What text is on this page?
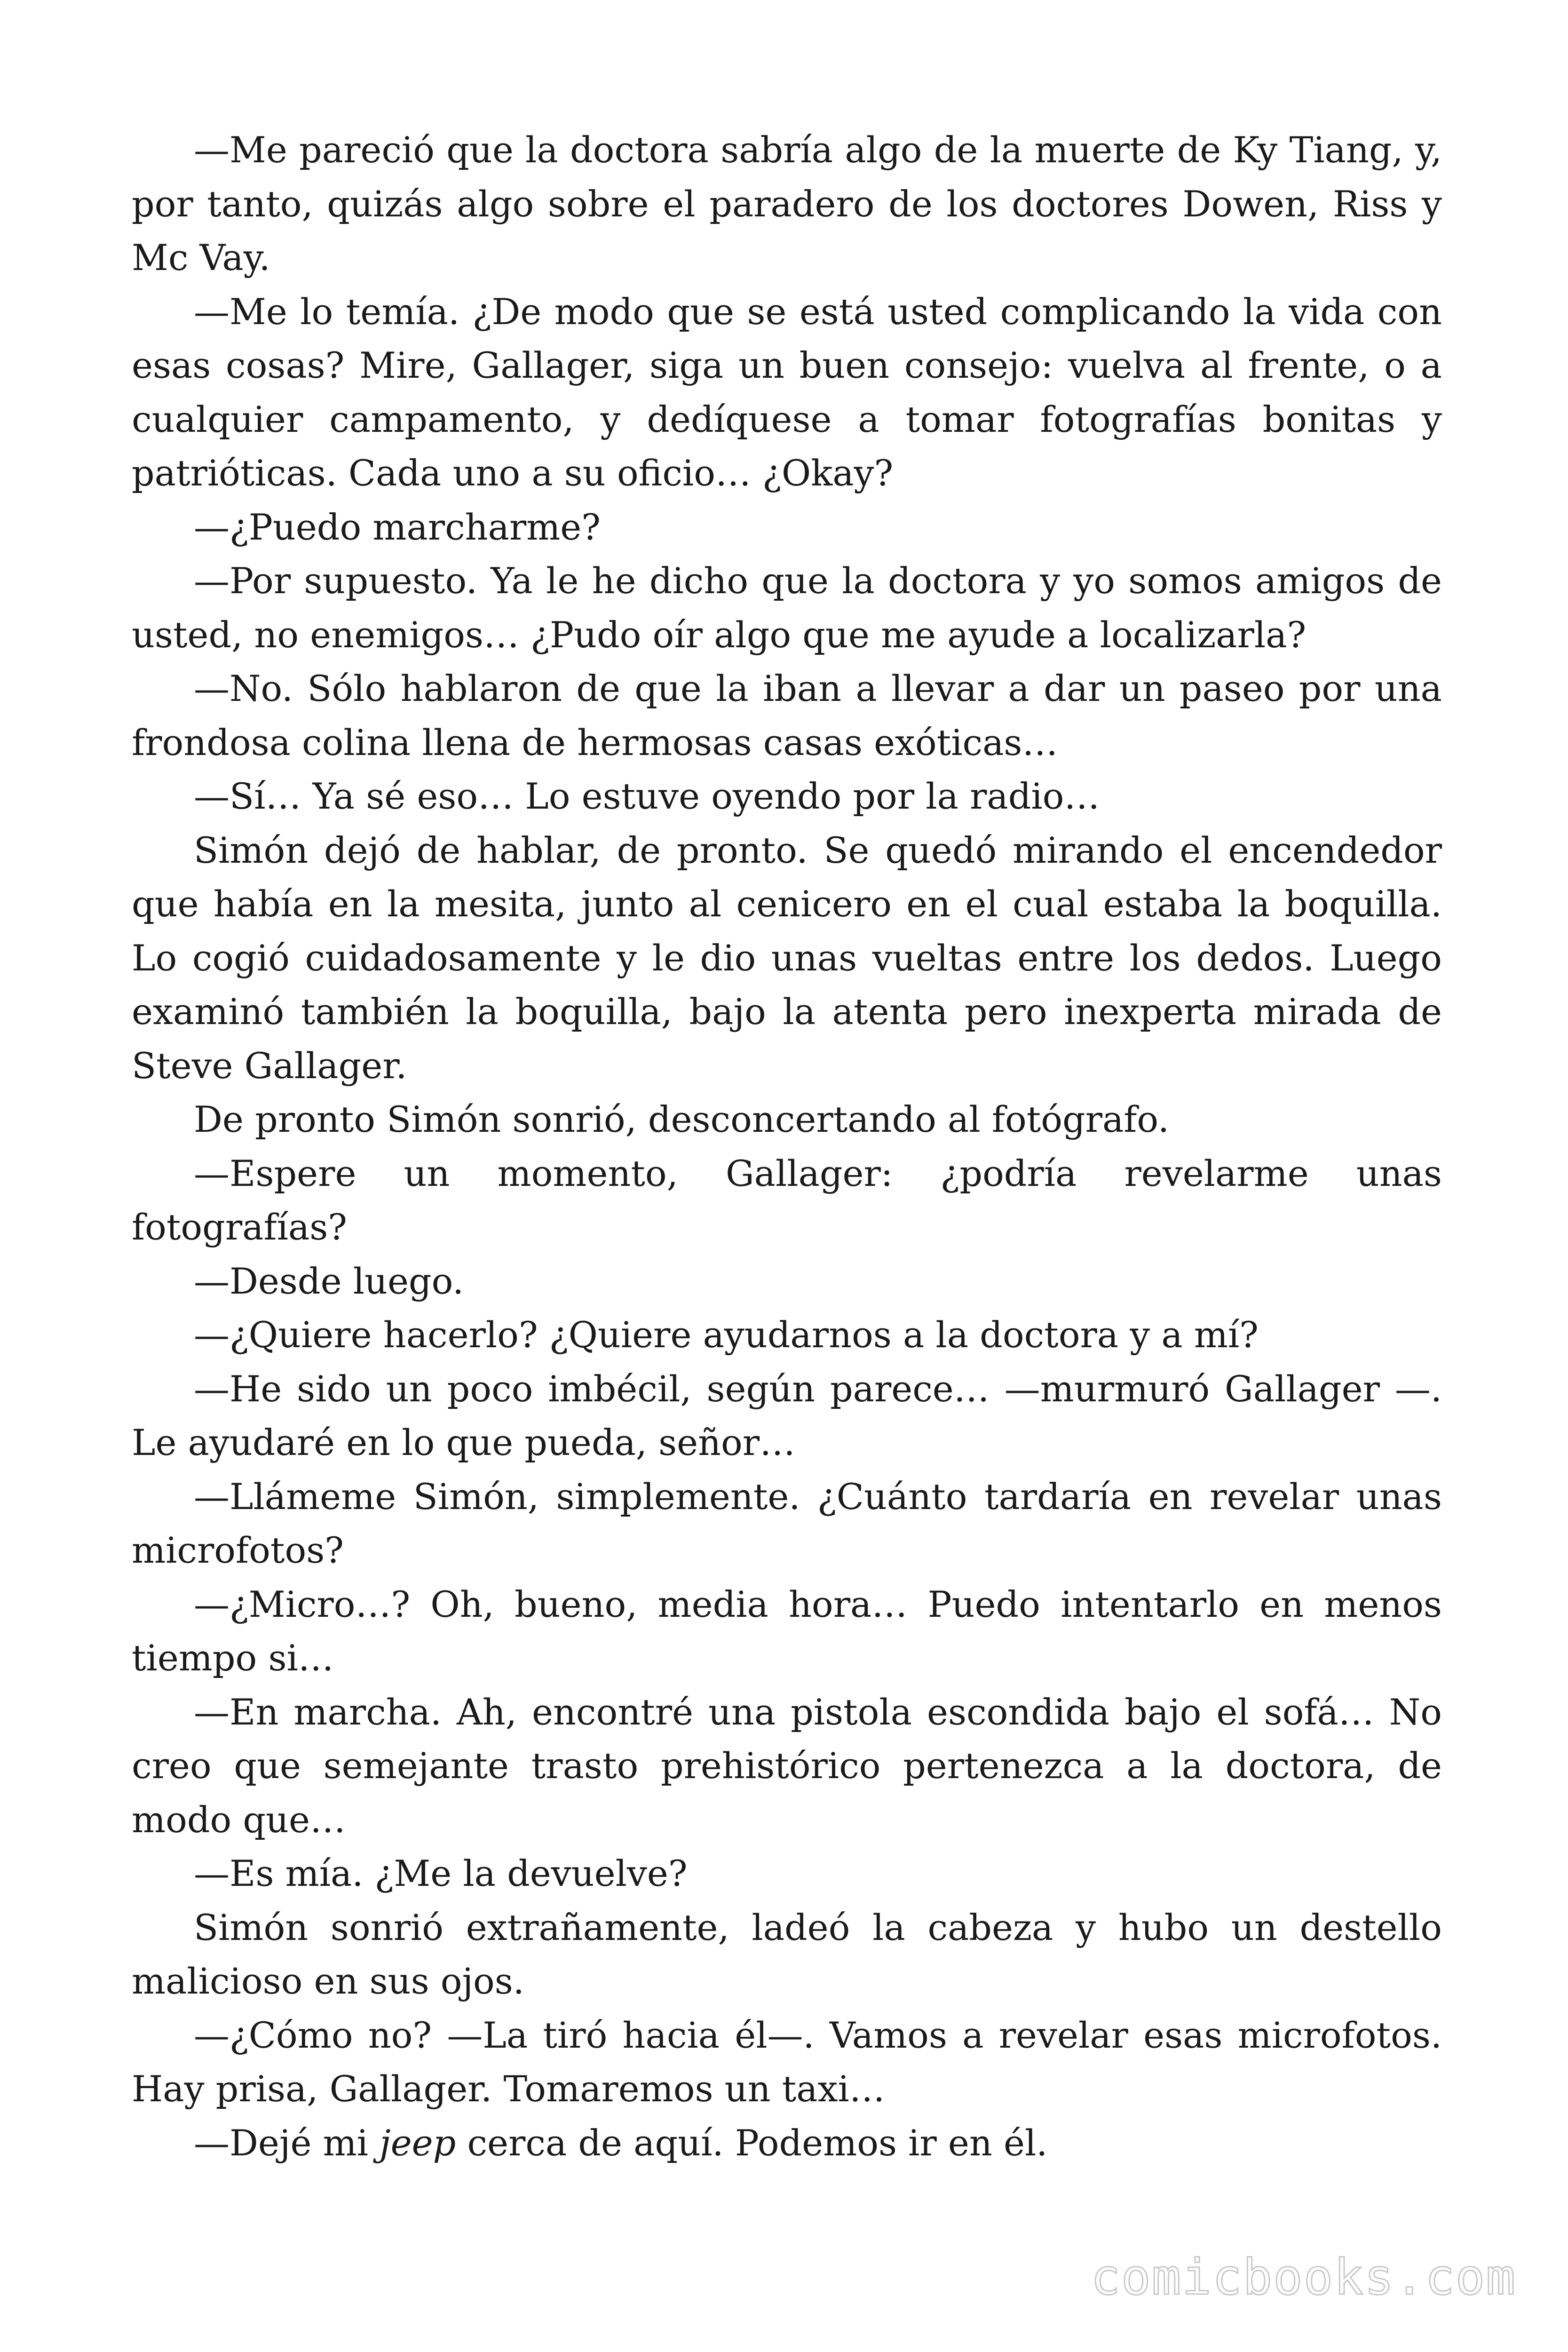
—Me pareció que la doctora sabría algo de la muerte de Ky Tiang, y, por tanto, quizás algo sobre el paradero de los doctores Dowen, Riss y Mc Vay.

—Me lo temía. ¿De modo que se está usted complicando la vida con esas cosas? Mire, Gallager, siga un buen consejo: vuelva al frente, o a cualquier campamento, y dedíquese a tomar fotografías bonitas y patrióticas. Cada uno a su oficio… ¿Okay?

—¿Puedo marcharme?

—Por supuesto. Ya le he dicho que la doctora y yo somos amigos de usted, no enemigos… ¿Pudo oír algo que me ayude a localizarla?

—No. Sólo hablaron de que la iban a llevar a dar un paseo por una frondosa colina llena de hermosas casas exóticas…

—Sí… Ya sé eso… Lo estuve oyendo por la radio…

Simón dejó de hablar, de pronto. Se quedó mirando el encendedor que había en la mesita, junto al cenicero en el cual estaba la boquilla. Lo cogió cuidadosamente y le dio unas vueltas entre los dedos. Luego examinó también la boquilla, bajo la atenta pero inexperta mirada de Steve Gallager.

De pronto Simón sonrió, desconcertando al fotógrafo.

—Espere un momento, Gallager: ¿podría revelarme unas fotografías?

—Desde luego.

—¿Quiere hacerlo? ¿Quiere ayudarnos a la doctora y a mí?

—He sido un poco imbécil, según parece… —murmuró Gallager —. Le ayudaré en lo que pueda, señor…

—Llámeme Simón, simplemente. ¿Cuánto tardaría en revelar unas microfotos?

—¿Micro…? Oh, bueno, media hora… Puedo intentarlo en menos tiempo si…

—En marcha. Ah, encontré una pistola escondida bajo el sofá… No creo que semejante trasto prehistórico pertenezca a la doctora, de modo que…

—Es mía. ¿Me la devuelve?

Simón sonrió extrañamente, ladeó la cabeza y hubo un destello malicioso en sus ojos.

—¿Cómo no? —La tiró hacia él—. Vamos a revelar esas microfotos. Hay prisa, Gallager. Tomaremos un taxi…

—Dejé mi jeep cerca de aquí. Podemos ir en él.

comicbooks.com
